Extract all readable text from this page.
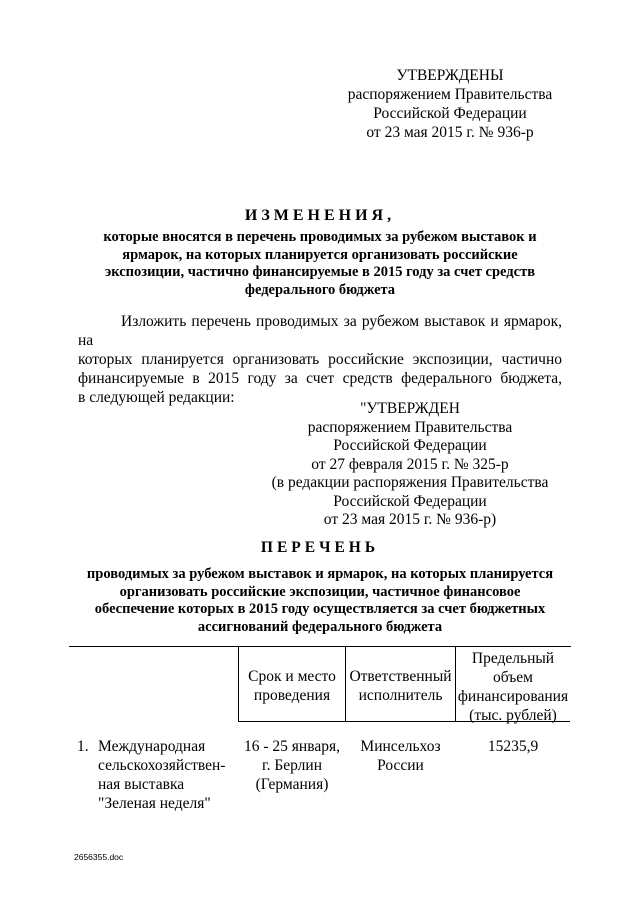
УТВЕРЖДЕНЫ
распоряжением Правительства
Российской Федерации
от 23 мая 2015 г. № 936-р
ИЗМЕНЕНИЯ,
которые вносятся в перечень проводимых за рубежом выставок и
ярмарок, на которых планируется организовать российские
экспозиции, частично финансируемые в 2015 году за счет средств
федерального бюджета
Изложить перечень проводимых за рубежом выставок и ярмарок, на
которых планируется организовать российские экспозиции, частично
финансируемые в 2015 году за счет средств федерального бюджета,
в следующей редакции:
"УТВЕРЖДЕН
распоряжением Правительства
Российской Федерации
от 27 февраля 2015 г. № 325-р
(в редакции распоряжения Правительства
Российской Федерации
от 23 мая 2015 г. № 936-р)
ПЕРЕЧЕНЬ
проводимых за рубежом выставок и ярмарок, на которых планируется
организовать российские экспозиции, частичное финансовое
обеспечение которых в 2015 году осуществляется за счет бюджетных
ассигнований федерального бюджета
Срок и место
проведения
Ответственный
исполнитель
Предельный
объем
финансирования
(тыс. рублей)
1. Международная
сельскохозяйствен-
ная выставка
"Зеленая неделя"
16 - 25 января,
г. Берлин
(Германия)
Минсельхоз
России
15235,9
2656355.doc
